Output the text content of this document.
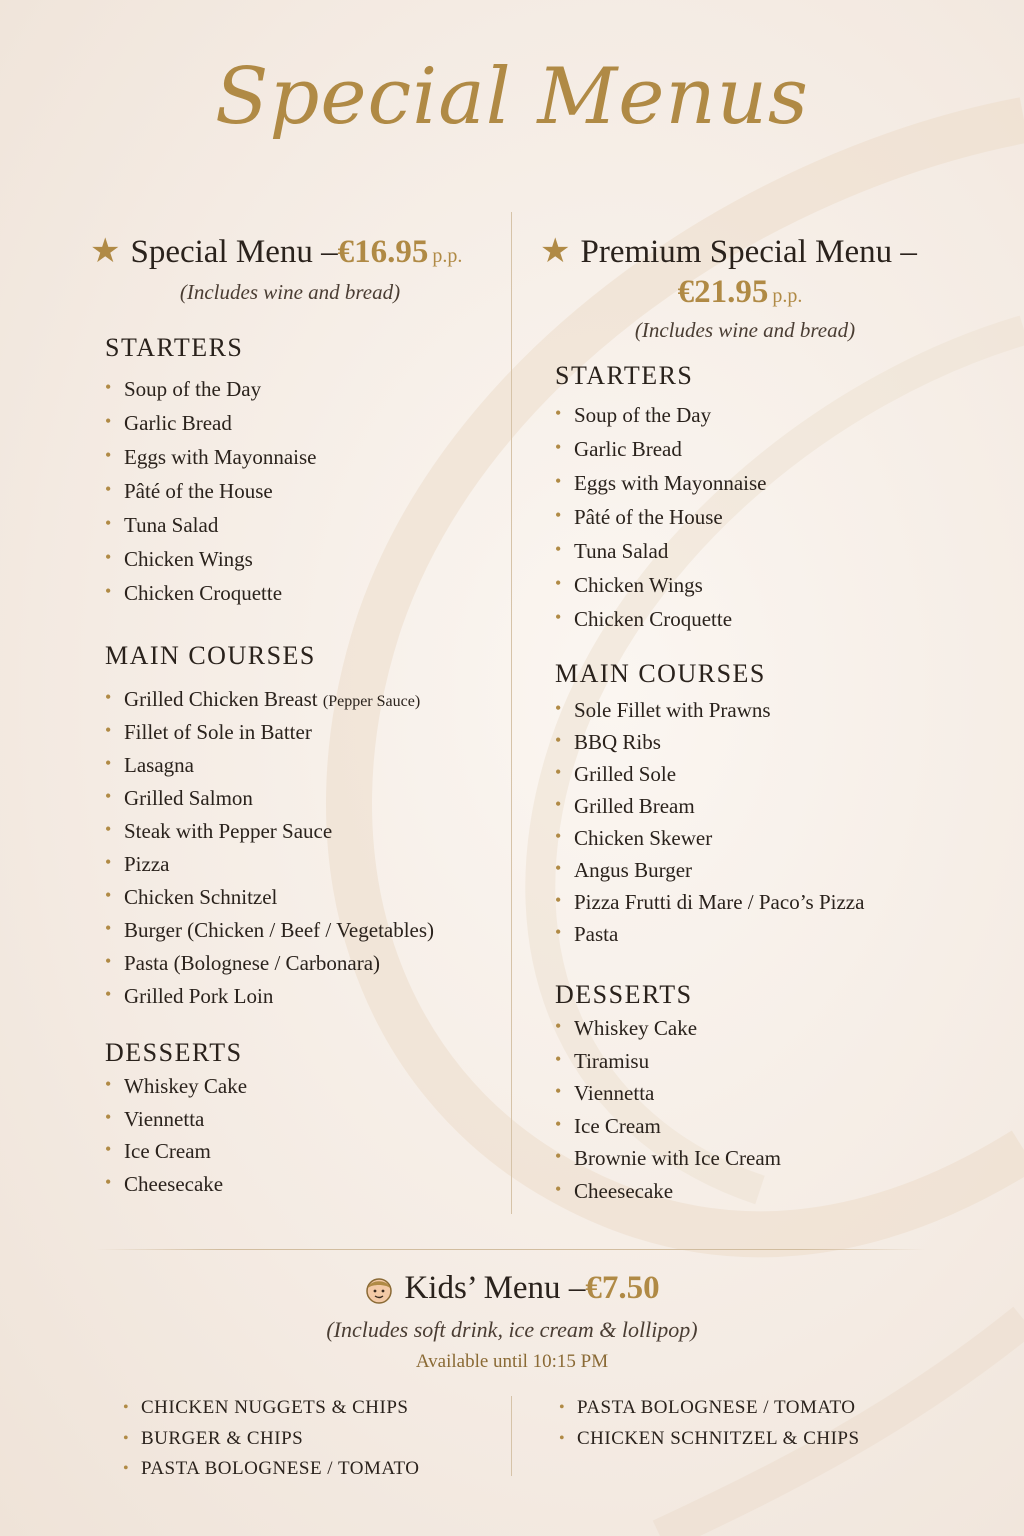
Special Menus
★ Special Menu –€16.95 p.p.
(Includes wine and bread)
STARTERS
• Soup of the Day
• Garlic Bread
• Eggs with Mayonnaise
• Pâté of the House
• Tuna Salad
• Chicken Wings
• Chicken Croquette
MAIN COURSES
• Grilled Chicken Breast (Pepper Sauce)
• Fillet of Sole in Batter
• Lasagna
• Grilled Salmon
• Steak with Pepper Sauce
• Pizza
• Chicken Schnitzel
• Burger (Chicken / Beef / Vegetables)
• Pasta (Bolognese / Carbonara)
• Grilled Pork Loin
DESSERTS
• Whiskey Cake
• Viennetta
• Ice Cream
• Cheesecake
★ Premium Special Menu –
€21.95 p.p.
(Includes wine and bread)
STARTERS
• Soup of the Day
• Garlic Bread
• Eggs with Mayonnaise
• Pâté of the House
• Tuna Salad
• Chicken Wings
• Chicken Croquette
MAIN COURSES
• Sole Fillet with Prawns
• BBQ Ribs
• Grilled Sole
• Grilled Bream
• Chicken Skewer
• Angus Burger
• Pizza Frutti di Mare / Paco’s Pizza
• Pasta
DESSERTS
• Whiskey Cake
• Tiramisu
• Viennetta
• Ice Cream
• Brownie with Ice Cream
• Cheesecake
Kids’ Menu –€7.50
(Includes soft drink, ice cream & lollipop)
Available until 10:15 PM
• CHICKEN NUGGETS & CHIPS
• BURGER & CHIPS
• PASTA BOLOGNESE / TOMATO
• PASTA BOLOGNESE / TOMATO
• CHICKEN SCHNITZEL & CHIPS
